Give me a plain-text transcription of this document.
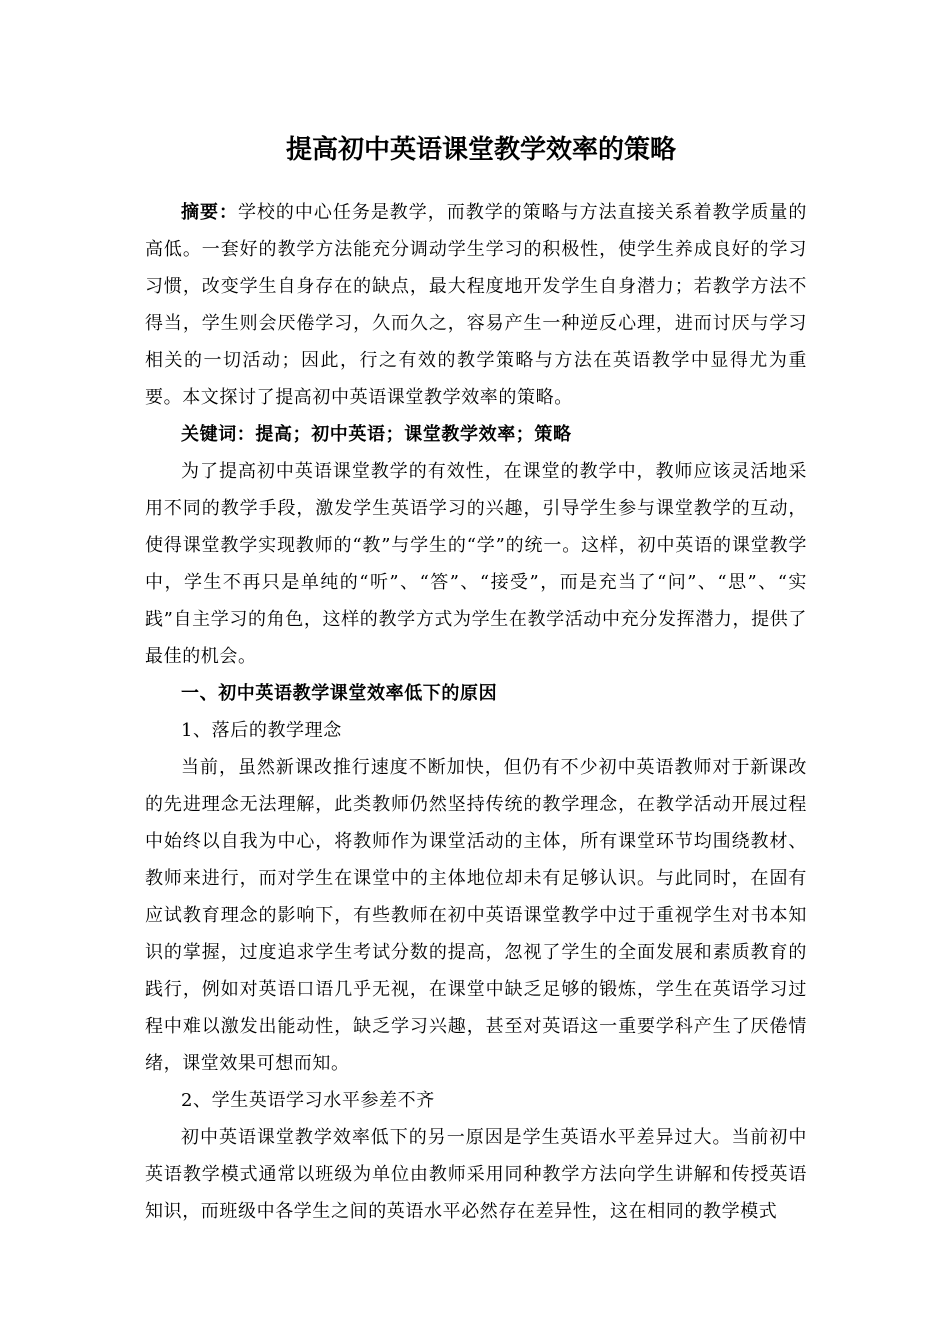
提高初中英语课堂教学效率的策略

摘要：学校的中心任务是教学，而教学的策略与方法直接关系着教学质量的高低。一套好的教学方法能充分调动学生学习的积极性，使学生养成良好的学习习惯，改变学生自身存在的缺点，最大程度地开发学生自身潜力；若教学方法不得当，学生则会厌倦学习，久而久之，容易产生一种逆反心理，进而讨厌与学习相关的一切活动；因此，行之有效的教学策略与方法在英语教学中显得尤为重要。本文探讨了提高初中英语课堂教学效率的策略。

关键词：提高；初中英语；课堂教学效率；策略

为了提高初中英语课堂教学的有效性，在课堂的教学中，教师应该灵活地采用不同的教学手段，激发学生英语学习的兴趣，引导学生参与课堂教学的互动，使得课堂教学实现教师的“教”与学生的“学”的统一。这样，初中英语的课堂教学中，学生不再只是单纯的“听”、“答”、“接受”，而是充当了“问”、“思”、“实践”自主学习的角色，这样的教学方式为学生在教学活动中充分发挥潜力，提供了最佳的机会。

一、初中英语教学课堂效率低下的原因

1、落后的教学理念

当前，虽然新课改推行速度不断加快，但仍有不少初中英语教师对于新课改的先进理念无法理解，此类教师仍然坚持传统的教学理念，在教学活动开展过程中始终以自我为中心，将教师作为课堂活动的主体，所有课堂环节均围绕教材、教师来进行，而对学生在课堂中的主体地位却未有足够认识。与此同时，在固有应试教育理念的影响下，有些教师在初中英语课堂教学中过于重视学生对书本知识的掌握，过度追求学生考试分数的提高，忽视了学生的全面发展和素质教育的践行，例如对英语口语几乎无视，在课堂中缺乏足够的锻炼，学生在英语学习过程中难以激发出能动性，缺乏学习兴趣，甚至对英语这一重要学科产生了厌倦情绪，课堂效果可想而知。

2、学生英语学习水平参差不齐

初中英语课堂教学效率低下的另一原因是学生英语水平差异过大。当前初中英语教学模式通常以班级为单位由教师采用同种教学方法向学生讲解和传授英语知识，而班级中各学生之间的英语水平必然存在差异性，这在相同的教学模式
